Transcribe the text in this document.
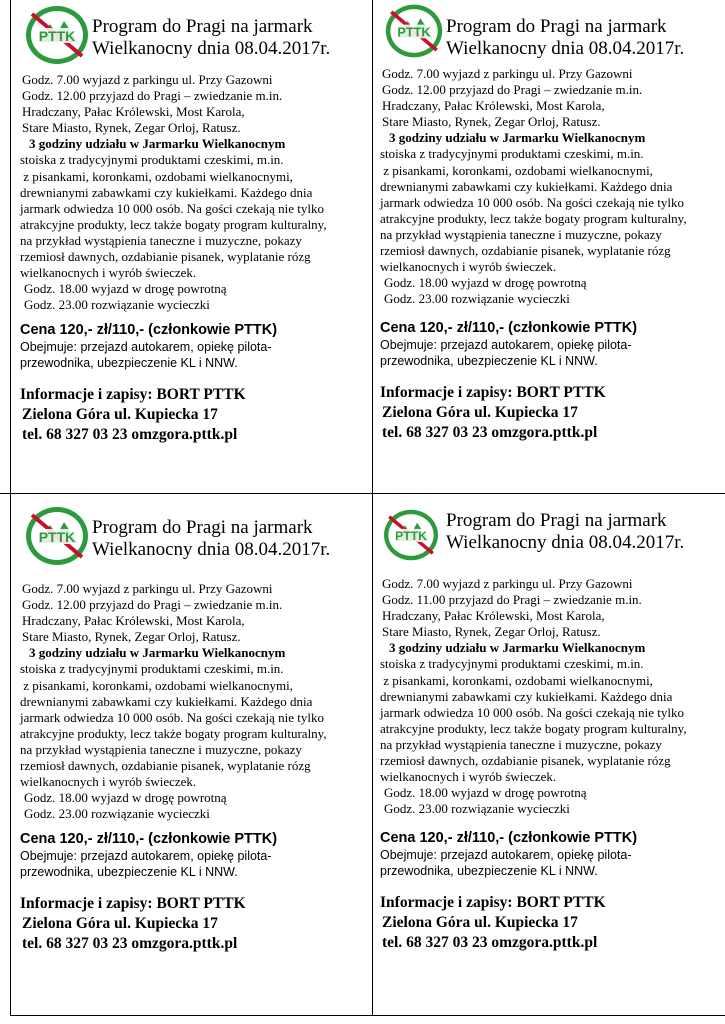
PTTK Program do Pragi na jarmark
Wielkanocny dnia 08.04.2017r.
Godz. 7.00 wyjazd z parkingu ul. Przy Gazowni
Godz. 12.00 przyjazd do Pragi – zwiedzanie m.in.
Hradczany, Pałac Królewski, Most Karola,
Stare Miasto, Rynek, Zegar Orloj, Ratusz.
3 godziny udziału w Jarmarku Wielkanocnym
stoiska z tradycyjnymi produktami czeskimi, m.in.
z pisankami, koronkami, ozdobami wielkanocnymi,
drewnianymi zabawkami czy kukiełkami. Każdego dnia
jarmark odwiedza 10 000 osób. Na gości czekają nie tylko
atrakcyjne produkty, lecz także bogaty program kulturalny,
na przykład wystąpienia taneczne i muzyczne, pokazy
rzemiosł dawnych, ozdabianie pisanek, wyplatanie rózg
wielkanocnych i wyrób świeczek.
Godz. 18.00 wyjazd w drogę powrotną
Godz. 23.00 rozwiązanie wycieczki
Cena 120,- zł/110,- (członkowie PTTK)
Obejmuje: przejazd autokarem, opiekę pilota-
przewodnika, ubezpieczenie KL i NNW.
Informacje i zapisy: BORT PTTK
Zielona Góra ul. Kupiecka 17
tel. 68 327 03 23 omzgora.pttk.pl
PTTK Program do Pragi na jarmark
Wielkanocny dnia 08.04.2017r.
Godz. 7.00 wyjazd z parkingu ul. Przy Gazowni
Godz. 12.00 przyjazd do Pragi – zwiedzanie m.in.
Hradczany, Pałac Królewski, Most Karola,
Stare Miasto, Rynek, Zegar Orloj, Ratusz.
3 godziny udziału w Jarmarku Wielkanocnym
stoiska z tradycyjnymi produktami czeskimi, m.in.
z pisankami, koronkami, ozdobami wielkanocnymi,
drewnianymi zabawkami czy kukiełkami. Każdego dnia
jarmark odwiedza 10 000 osób. Na gości czekają nie tylko
atrakcyjne produkty, lecz także bogaty program kulturalny,
na przykład wystąpienia taneczne i muzyczne, pokazy
rzemiosł dawnych, ozdabianie pisanek, wyplatanie rózg
wielkanocnych i wyrób świeczek.
Godz. 18.00 wyjazd w drogę powrotną
Godz. 23.00 rozwiązanie wycieczki
Cena 120,- zł/110,- (członkowie PTTK)
Obejmuje: przejazd autokarem, opiekę pilota-
przewodnika, ubezpieczenie KL i NNW.
Informacje i zapisy: BORT PTTK
Zielona Góra ul. Kupiecka 17
tel. 68 327 03 23 omzgora.pttk.pl
PTTK Program do Pragi na jarmark
Wielkanocny dnia 08.04.2017r.
Godz. 7.00 wyjazd z parkingu ul. Przy Gazowni
Godz. 12.00 przyjazd do Pragi – zwiedzanie m.in.
Hradczany, Pałac Królewski, Most Karola,
Stare Miasto, Rynek, Zegar Orloj, Ratusz.
3 godziny udziału w Jarmarku Wielkanocnym
stoiska z tradycyjnymi produktami czeskimi, m.in.
z pisankami, koronkami, ozdobami wielkanocnymi,
drewnianymi zabawkami czy kukiełkami. Każdego dnia
jarmark odwiedza 10 000 osób. Na gości czekają nie tylko
atrakcyjne produkty, lecz także bogaty program kulturalny,
na przykład wystąpienia taneczne i muzyczne, pokazy
rzemiosł dawnych, ozdabianie pisanek, wyplatanie rózg
wielkanocnych i wyrób świeczek.
Godz. 18.00 wyjazd w drogę powrotną
Godz. 23.00 rozwiązanie wycieczki
Cena 120,- zł/110,- (członkowie PTTK)
Obejmuje: przejazd autokarem, opiekę pilota-
przewodnika, ubezpieczenie KL i NNW.
Informacje i zapisy: BORT PTTK
Zielona Góra ul. Kupiecka 17
tel. 68 327 03 23 omzgora.pttk.pl
PTTK
Program do Pragi na jarmark
Wielkanocny dnia 08.04.2017r.
Godz. 7.00 wyjazd z parkingu ul. Przy Gazowni
Godz. 11.00 przyjazd do Pragi – zwiedzanie m.in.
Hradczany, Pałac Królewski, Most Karola,
Stare Miasto, Rynek, Zegar Orloj, Ratusz.
3 godziny udziału w Jarmarku Wielkanocnym
stoiska z tradycyjnymi produktami czeskimi, m.in.
z pisankami, koronkami, ozdobami wielkanocnymi,
drewnianymi zabawkami czy kukiełkami. Każdego dnia
jarmark odwiedza 10 000 osób. Na gości czekają nie tylko
atrakcyjne produkty, lecz także bogaty program kulturalny,
na przykład wystąpienia taneczne i muzyczne, pokazy
rzemiosł dawnych, ozdabianie pisanek, wyplatanie rózg
wielkanocnych i wyrób świeczek.
Godz. 18.00 wyjazd w drogę powrotną
Godz. 23.00 rozwiązanie wycieczki
Cena 120,- zł/110,- (członkowie PTTK)
Obejmuje: przejazd autokarem, opiekę pilota-
przewodnika, ubezpieczenie KL i NNW.
Informacje i zapisy: BORT PTTK
Zielona Góra ul. Kupiecka 17
tel. 68 327 03 23 omzgora.pttk.pl
